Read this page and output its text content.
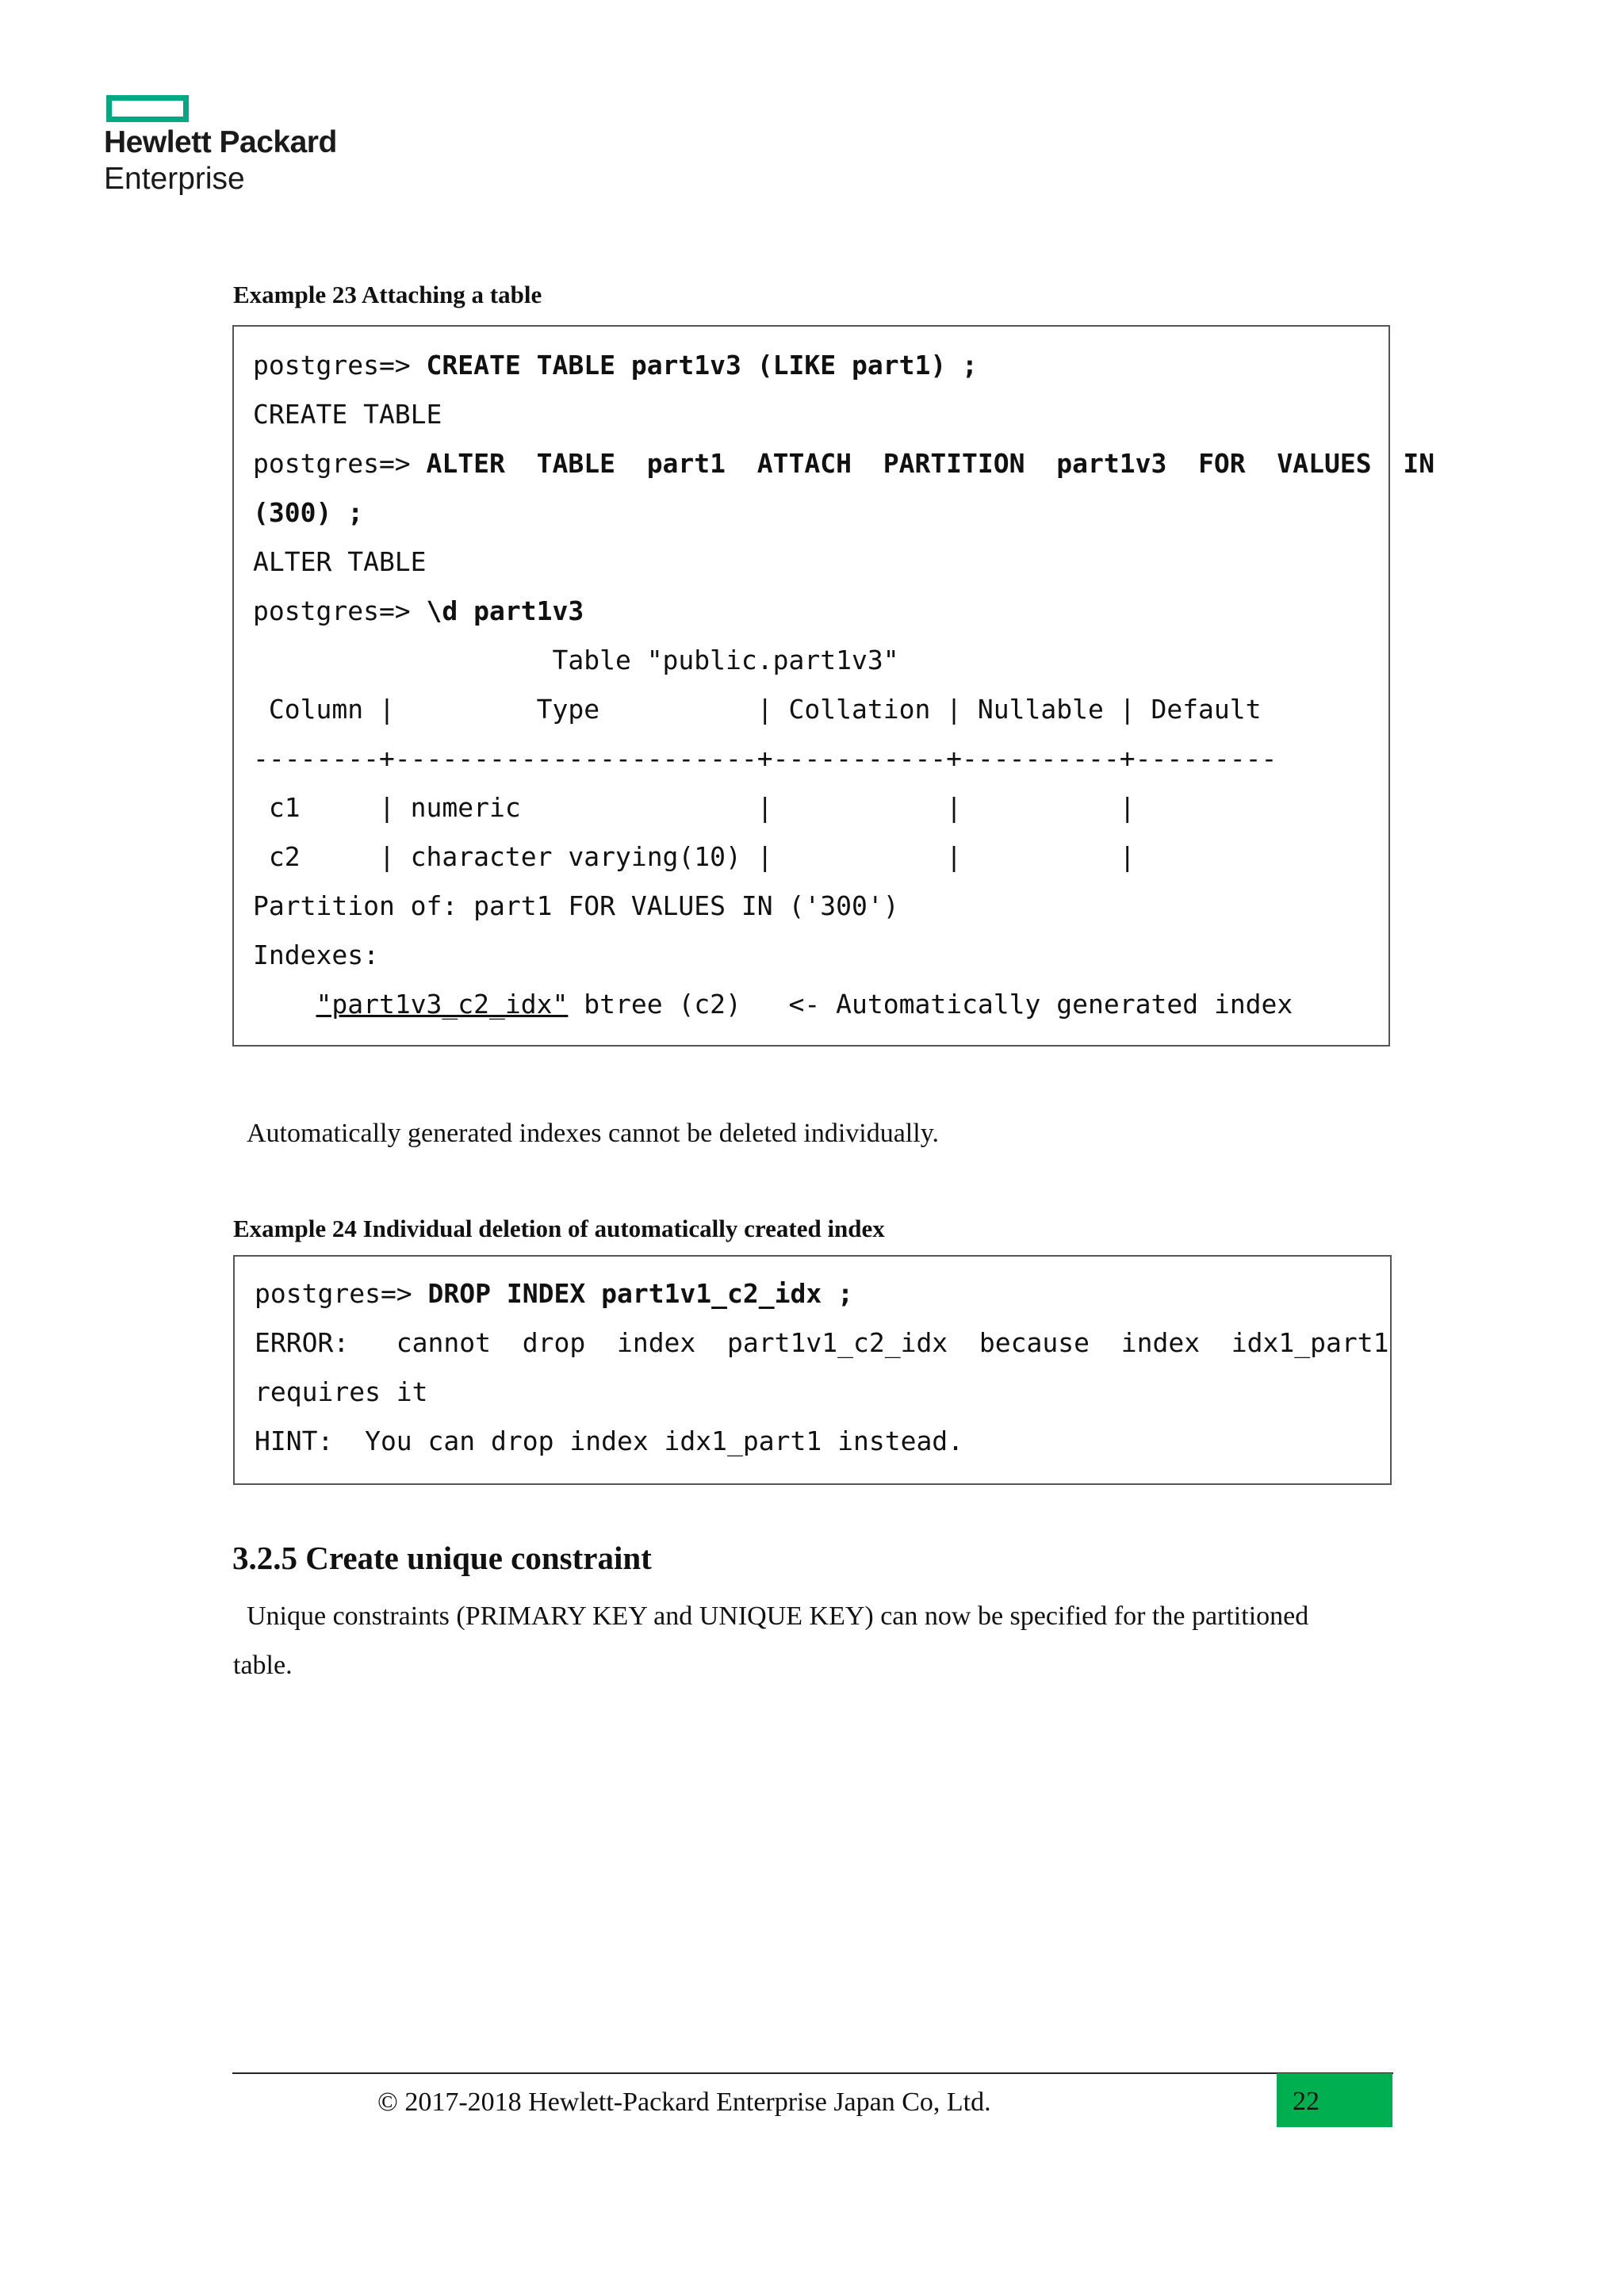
Hewlett Packard
Enterprise
Example 23 Attaching a table
postgres=> CREATE TABLE part1v3 (LIKE part1) ;
CREATE TABLE
postgres=> ALTER  TABLE  part1  ATTACH  PARTITION  part1v3  FOR  VALUES  IN
(300) ;
ALTER TABLE
postgres=> \d part1v3
Table "public.part1v3"
Column |         Type          | Collation | Nullable | Default
--------+-----------------------+-----------+----------+---------
c1     | numeric               |           |          |
c2     | character varying(10) |           |          |
Partition of: part1 FOR VALUES IN ('300')
Indexes:
"part1v3_c2_idx" btree (c2)   <- Automatically generated index
Automatically generated indexes cannot be deleted individually.
Example 24 Individual deletion of automatically created index
postgres=> DROP INDEX part1v1_c2_idx ;
ERROR:   cannot  drop  index  part1v1_c2_idx  because  index  idx1_part1
requires it
HINT:  You can drop index idx1_part1 instead.
3.2.5 Create unique constraint
Unique constraints (PRIMARY KEY and UNIQUE KEY) can now be specified for the partitioned
table.
© 2017-2018 Hewlett-Packard Enterprise Japan Co, Ltd.	22
